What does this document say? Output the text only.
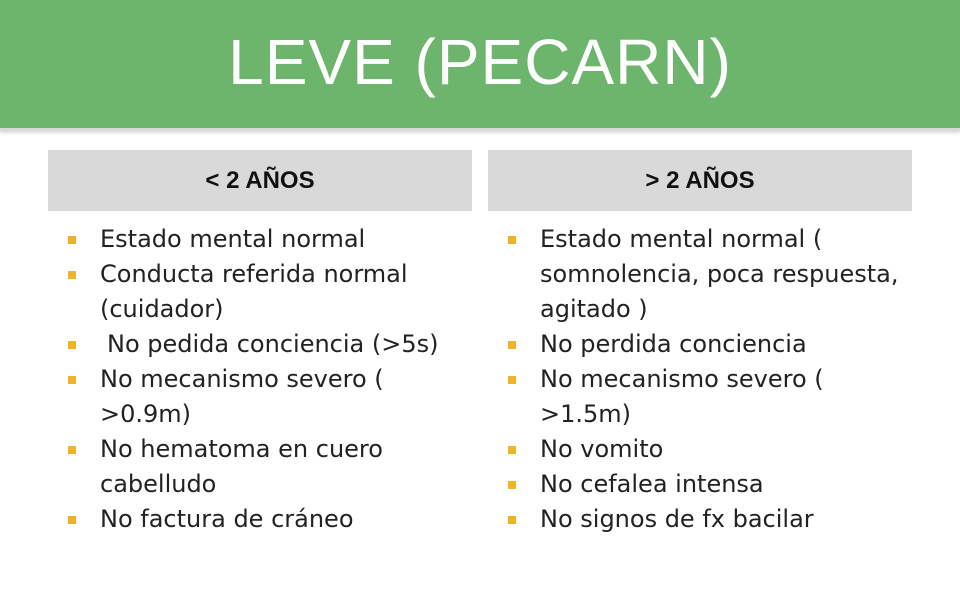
LEVE (PECARN)
< 2 AÑOS	> 2 AÑOS
Estado mental normal
Conducta referida normal (cuidador)
No pedida conciencia (>5s)
No mecanismo severo ( >0.9m)
No hematoma en cuero cabelludo
No factura de cráneo
Estado mental normal ( somnolencia, poca respuesta, agitado )
No perdida conciencia
No mecanismo severo ( >1.5m)
No vomito
No cefalea intensa
No signos de fx bacilar
